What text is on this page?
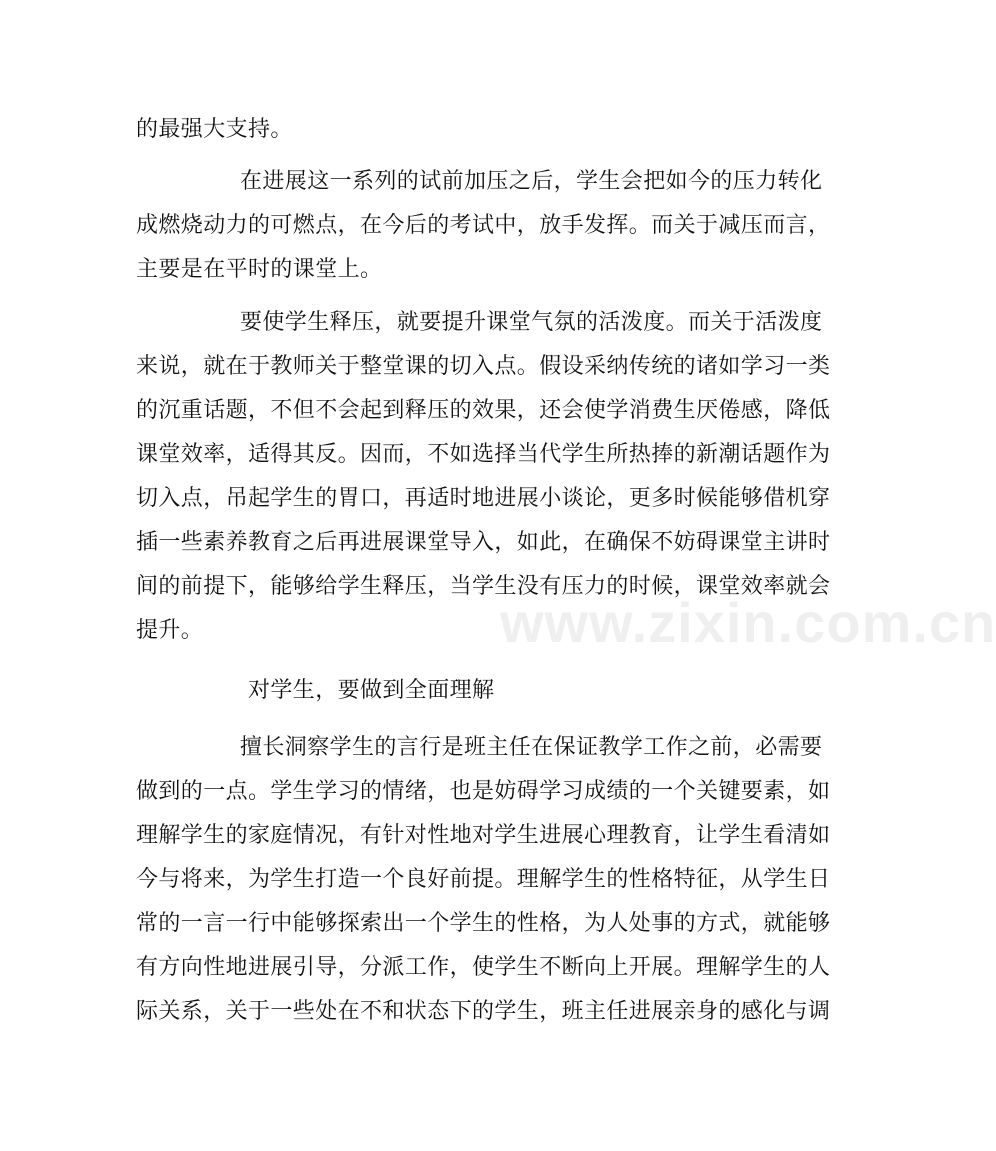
www.zixin.com.cn
的最强大支持。
在进展这一系列的试前加压之后，学生会把如今的压力转化
成燃烧动力的可燃点，在今后的考试中，放手发挥。而关于减压而言，
主要是在平时的课堂上。
要使学生释压，就要提升课堂气氛的活泼度。而关于活泼度
来说，就在于教师关于整堂课的切入点。假设采纳传统的诸如学习一类
的沉重话题，不但不会起到释压的效果，还会使学消费生厌倦感，降低
课堂效率，适得其反。因而，不如选择当代学生所热捧的新潮话题作为
切入点，吊起学生的胃口，再适时地进展小谈论，更多时候能够借机穿
插一些素养教育之后再进展课堂导入，如此，在确保不妨碍课堂主讲时
间的前提下，能够给学生释压，当学生没有压力的时候，课堂效率就会
提升。
对学生，要做到全面理解
擅长洞察学生的言行是班主任在保证教学工作之前，必需要
做到的一点。学生学习的情绪，也是妨碍学习成绩的一个关键要素，如
理解学生的家庭情况，有针对性地对学生进展心理教育，让学生看清如
今与将来，为学生打造一个良好前提。理解学生的性格特征，从学生日
常的一言一行中能够探索出一个学生的性格，为人处事的方式，就能够
有方向性地进展引导，分派工作，使学生不断向上开展。理解学生的人
际关系，关于一些处在不和状态下的学生，班主任进展亲身的感化与调
